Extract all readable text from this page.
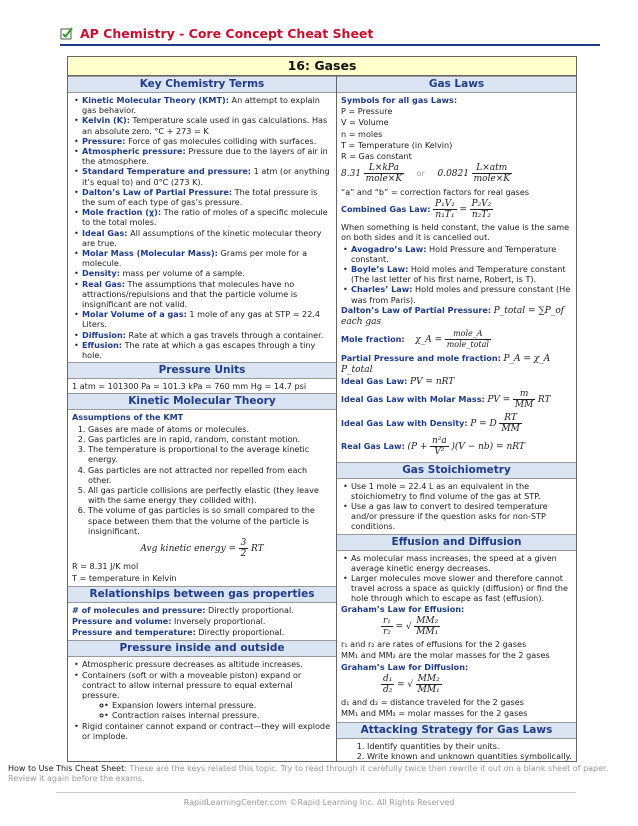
AP Chemistry - Core Concept Cheat Sheet
16: Gases
Key Chemistry Terms
• Kinetic Molecular Theory (KMT): An attempt to explain gas behavior.
• Kelvin (K): Temperature scale used in gas calculations. Has an absolute zero. °C + 273 = K
• Pressure: Force of gas molecules colliding with surfaces.
• Atmospheric pressure: Pressure due to the layers of air in the atmosphere.
• Standard Temperature and pressure: 1 atm (or anything it’s equal to) and 0°C (273 K).
• Dalton’s Law of Partial Pressure: The total pressure is the sum of each type of gas’s pressure.
• Mole fraction (χ): The ratio of moles of a specific molecule to the total moles.
• Ideal Gas: All assumptions of the kinetic molecular theory are true.
• Molar Mass (Molecular Mass): Grams per mole for a molecule.
• Density: mass per volume of a sample.
• Real Gas: The assumptions that molecules have no attractions/repulsions and that the particle volume is insignificant are not valid.
• Molar Volume of a gas: 1 mole of any gas at STP = 22.4 Liters.
• Diffusion: Rate at which a gas travels through a container.
• Effusion: The rate at which a gas escapes through a tiny hole.
Pressure Units
1 atm = 101300 Pa = 101.3 kPa = 760 mm Hg = 14.7 psi
Kinetic Molecular Theory

Assumptions of the KMT

1. Gases are made of atoms or molecules.
2. Gas particles are in rapid, random, constant motion.
3. The temperature is proportional to the average kinetic energy.
4. Gas particles are not attracted nor repelled from each other.
5. All gas particle collisions are perfectly elastic (they leave with the same energy they collided with).
6. The volume of gas particles is so small compared to the space between them that the volume of the particle is insignificant.
Avg kinetic energy = $\frac{3}{2}$ RT

R = 8.31 J/K mol

T = temperature in Kelvin

Relationships between gas properties

# of molecules and pressure: Directly proportional.

Pressure and volume: Inversely proportional.

Pressure and temperature: Directly proportional.

Pressure inside and outside
• Atmospheric pressure decreases as altitude increases.
• Containers (soft or with a moveable piston) expand or contract to allow internal pressure to equal external pressure.
• ◦ Expansion lowers internal pressure.
• ◦ Contraction raises internal pressure.
• Rigid container cannot expand or contract—they will explode or implode.
Gas Laws

Symbols for all gas Laws:

P = Pressure

V = Volume

n = moles

T = Temperature (in Kelvin)

R = Gas constant

$8.31 \frac{\text{L×kPa}}{\text{mole×K}}$ or $0.0821 \frac{\text{L×atm}}{\text{mole×K}}$

“a” and “b” = correction factors for real gases

Combined Gas Law: $\frac{\text{P₁V₁}}{\text{n₁T₁}} = \frac{\text{P₂V₂}}{\text{n₂T₂}}$

When something is held constant, the value is the same on both sides and it is cancelled out.

• Avogadro’s Law: Hold Pressure and Temperature constant.
• Boyle’s Law: Hold moles and Temperature constant (The last letter of his first name, Robert, is T).
• Charles’ Law: Hold moles and pressure constant (He was from Paris).

Dalton’s Law of Partial Pressure: P_total = ∑P_of each gas

Mole fraction: χ_A = $\frac{\text{mole\_A}}{\text{mole\_total}}$

Partial Pressure and mole fraction: P_A = χ_A P_total

Ideal Gas Law: PV = nRT

Ideal Gas Law with Molar Mass: PV = $\frac{m}{MM}$ RT
Ideal Gas Law with Density: P = D $\frac{RT}{MM}$
Real Gas Law: $(P + \frac{\text{n²a}}{\text{V²}} )(V - nb)$ = nRT
Gas Stoichiometry
• Use 1 mole = 22.4 L as an equivalent in the stoichiometry to find volume of the gas at STP.
• Use a gas law to convert to desired temperature and/or pressure if the question asks for non-STP conditions.
Effusion and Diffusion
• As molecular mass increases, the speed at a given average kinetic energy decreases.
• Larger molecules move slower and therefore cannot travel across a space as quickly (diffusion) or find the hole through which to escape as fast (effusion).

Graham’s Law for Effusion:

$\frac{\text{r₁}}{\text{r₂}}$ = √ $\frac{\text{MM₂}}{\text{MM₁}}$

r₁ and r₂ are rates of effusions for the 2 gases

MM₁ and MM₂ are the molar masses for the 2 gases

Graham’s Law for Diffusion:

$\frac{\text{d₁}}{\text{d₂}}$ = √ $\frac{\text{MM₂}}{\text{MM₁}}$

d₁ and d₂ = distance traveled for the 2 gases

MM₁ and MM₂ = molar masses for the 2 gases

Attacking Strategy for Gas Laws
1. Identify quantities by their units.
2. Write known and unknown quantities symbolically.
3.
How to Use This Cheat Sheet: These are the keys related this topic. Try to read through it carefully twice then rewrite it out on a blank sheet of paper. Review it again before the exams.
RapidLearningCenter.com ©Rapid Learning Inc. All Rights Reserved
